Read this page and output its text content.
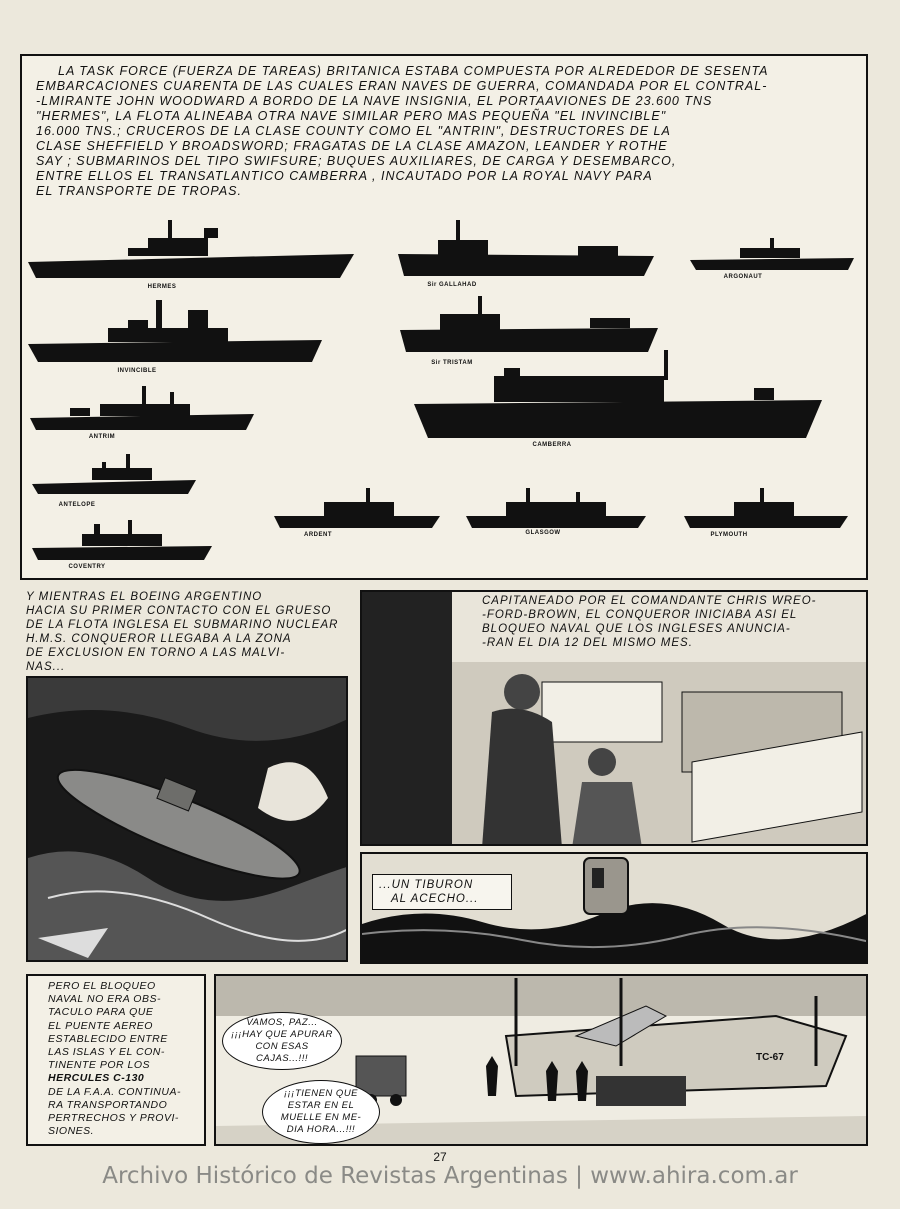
LA TASK FORCE (FUERZA DE TAREAS) BRITANICA ESTABA COMPUESTA POR ALREDEDOR DE SESENTA
EMBARCACIONES CUARENTA DE LAS CUALES ERAN NAVES DE GUERRA, COMANDADA POR EL CONTRAL-
-LMIRANTE JOHN WOODWARD A BORDO DE LA NAVE INSIGNIA, EL PORTAAVIONES DE 23.600 TNS
"HERMES", LA FLOTA ALINEABA OTRA NAVE SIMILAR PERO MAS PEQUEÑA "EL INVINCIBLE"
16.000 TNS.; CRUCEROS DE LA CLASE COUNTY COMO EL "ANTRIN", DESTRUCTORES DE LA
CLASE SHEFFIELD Y BROADSWORD; FRAGATAS DE LA CLASE AMAZON, LEANDER Y ROTHE
SAY ; SUBMARINOS DEL TIPO SWIFSURE; BUQUES AUXILIARES, DE CARGA Y DESEMBARCO,
ENTRE ELLOS EL TRANSATLANTICO CAMBERRA , INCAUTADO POR LA ROYAL NAVY PARA
EL TRANSPORTE DE TROPAS.
HERMES
INVINCIBLE
ANTRIM
ANTELOPE
COVENTRY
Sir GALLAHAD
Sir TRISTAM
CAMBERRA
ARGONAUT
ARDENT	GLASGOW	PLYMOUTH
Y MIENTRAS EL BOEING ARGENTINO
HACIA SU PRIMER CONTACTO CON EL GRUESO
DE LA FLOTA INGLESA EL SUBMARINO NUCLEAR
H.M.S. CONQUEROR LLEGABA A LA ZONA
DE EXCLUSION EN TORNO A LAS MALVI-
NAS...
CAPITANEADO POR EL COMANDANTE CHRIS WREO-
-FORD-BROWN, EL CONQUEROR INICIABA ASI EL
BLOQUEO NAVAL QUE LOS INGLESES ANUNCIA-
-RAN EL DIA 12 DEL MISMO MES.
...UN TIBURON
AL ACECHO...
PERO EL BLOQUEO
NAVAL NO ERA OBS-
TACULO PARA QUE
EL PUENTE AEREO
ESTABLECIDO ENTRE
LAS ISLAS Y EL CON-
TINENTE POR LOS
HERCULES C-130
DE LA F.A.A. CONTINUA-
RA TRANSPORTANDO
PERTRECHOS Y PROVI-
SIONES.
TC-67
VAMOS, PAZ...
¡¡¡HAY QUE APURAR
CON ESAS CAJAS...!!!
¡¡¡TIENEN QUE
ESTAR EN EL
MUELLE EN ME-
DIA HORA...!!!
27
Archivo Histórico de Revistas Argentinas | www.ahira.com.ar
